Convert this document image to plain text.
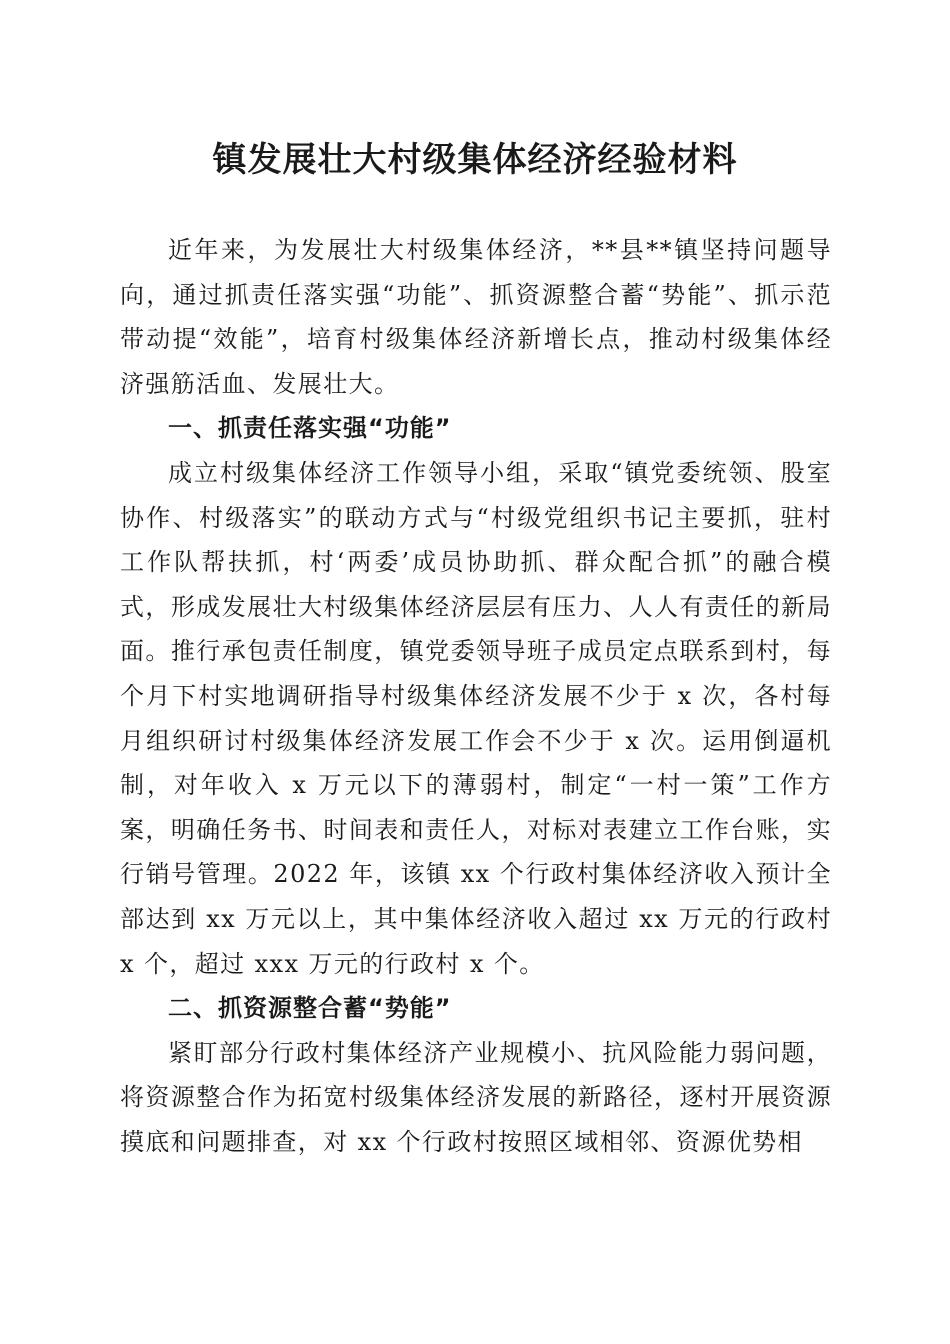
镇发展壮大村级集体经济经验材料

近年来，为发展壮大村级集体经济，**县**镇坚持问题导向，通过抓责任落实强“功能”、抓资源整合蓄“势能”、抓示范带动提“效能”，培育村级集体经济新增长点，推动村级集体经济强筋活血、发展壮大。

一、抓责任落实强“功能”

成立村级集体经济工作领导小组，采取“镇党委统领、股室协作、村级落实”的联动方式与“村级党组织书记主要抓，驻村工作队帮扶抓，村‘两委’成员协助抓、群众配合抓”的融合模式，形成发展壮大村级集体经济层层有压力、人人有责任的新局面。推行承包责任制度，镇党委领导班子成员定点联系到村，每个月下村实地调研指导村级集体经济发展不少于 x 次，各村每月组织研讨村级集体经济发展工作会不少于 x 次。运用倒逼机制，对年收入 x 万元以下的薄弱村，制定“一村一策”工作方案，明确任务书、时间表和责任人，对标对表建立工作台账，实行销号管理。2022 年，该镇 xx 个行政村集体经济收入预计全部达到 xx 万元以上，其中集体经济收入超过 xx 万元的行政村 x 个，超过 xxx 万元的行政村 x 个。

二、抓资源整合蓄“势能”

紧盯部分行政村集体经济产业规模小、抗风险能力弱问题，将资源整合作为拓宽村级集体经济发展的新路径，逐村开展资源摸底和问题排查，对 xx 个行政村按照区域相邻、资源优势相
